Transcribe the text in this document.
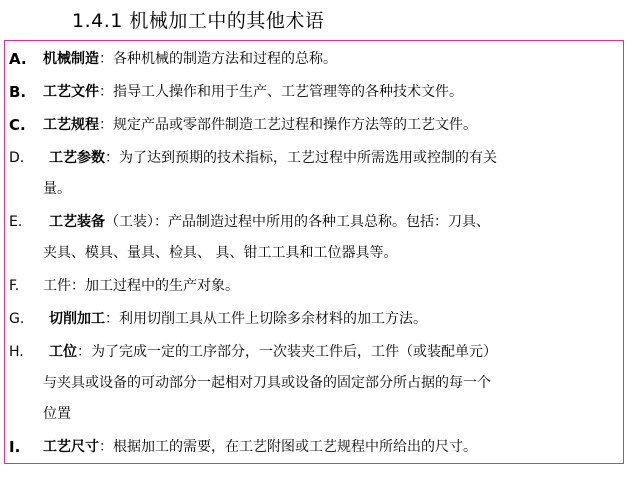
1.4.1 机械加工中的其他术语
A.	机械制造：各种机械的制造方法和过程的总称。
B.	工艺文件：指导工人操作和用于生产、工艺管理等的各种技术文件。
C.	工艺规程：规定产品或零部件制造工艺过程和操作方法等的工艺文件。
D.	工艺参数：为了达到预期的技术指标，工艺过程中所需选用或控制的有关
量。
E.	工艺装备（工装）：产品制造过程中所用的各种工具总称。包括：刀具、
夹具、模具、量具、检具、 具、钳工工具和工位器具等。
F.	工件：加工过程中的生产对象。
G.	切削加工：利用切削工具从工件上切除多余材料的加工方法。
H.	工位：为了完成一定的工序部分，一次装夹工件后，工件（或装配单元）
与夹具或设备的可动部分一起相对刀具或设备的固定部分所占据的每一个
位置
I.	工艺尺寸：根据加工的需要，在工艺附图或工艺规程中所给出的尺寸。
